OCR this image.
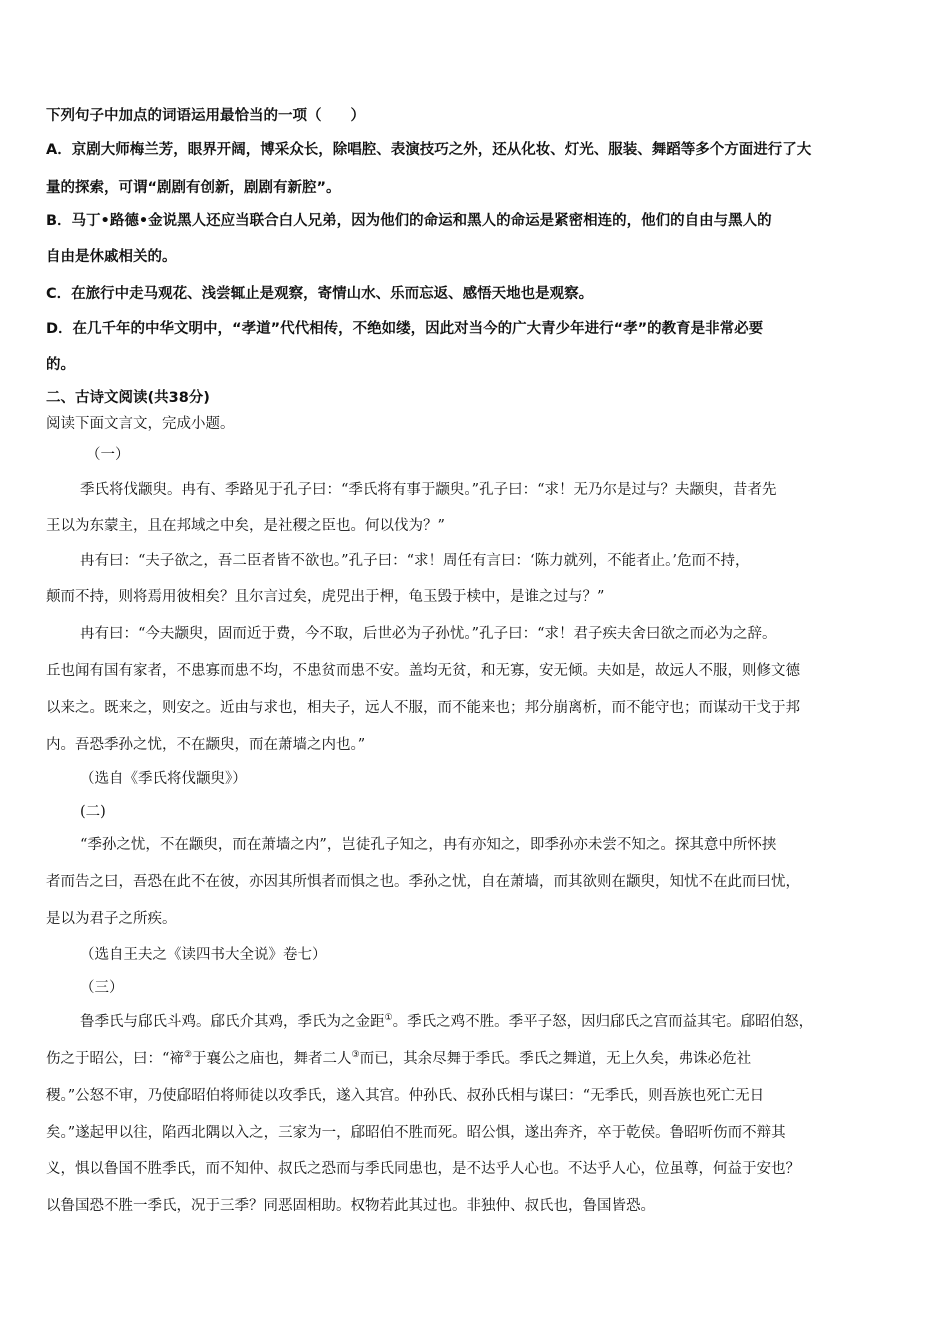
下列句子中加点的词语运用最恰当的一项（　　）
A．京剧大师梅兰芳，眼界开阔，博采众长，除唱腔、表演技巧之外，还从化妆、灯光、服装、舞蹈等多个方面进行了大
量的探索，可谓“剧剧有创新，剧剧有新腔”。
B．马丁•路德•金说黑人还应当联合白人兄弟，因为他们的命运和黑人的命运是紧密相连的，他们的自由与黑人的
自由是休戚相关的。
C．在旅行中走马观花、浅尝辄止是观察，寄情山水、乐而忘返、感悟天地也是观察。
D．在几千年的中华文明中，“孝道”代代相传，不绝如缕，因此对当今的广大青少年进行“孝”的教育是非常必要
的。
二、古诗文阅读(共38分)
阅读下面文言文，完成小题。
（一）
季氏将伐颛臾。冉有、季路见于孔子曰：“季氏将有事于颛臾。”孔子曰：“求！无乃尔是过与？夫颛臾，昔者先
王以为东蒙主，且在邦域之中矣，是社稷之臣也。何以伐为？”
冉有曰：“夫子欲之，吾二臣者皆不欲也。”孔子曰：“求！周任有言曰：‘陈力就列，不能者止。’危而不持，
颠而不持，则将焉用彼相矣？且尔言过矣，虎兕出于柙，龟玉毁于椟中，是谁之过与？”
冉有曰：“今夫颛臾，固而近于费，今不取，后世必为子孙忧。”孔子曰：“求！君子疾夫舍曰欲之而必为之辞。
丘也闻有国有家者，不患寡而患不均，不患贫而患不安。盖均无贫，和无寡，安无倾。夫如是，故远人不服，则修文德
以来之。既来之，则安之。近由与求也，相夫子，远人不服，而不能来也；邦分崩离析，而不能守也；而谋动干戈于邦
内。吾恐季孙之忧，不在颛臾，而在萧墙之内也。”
（选自《季氏将伐颛臾》）
(二)
“季孙之忧，不在颛臾，而在萧墙之内”，岂徒孔子知之，冉有亦知之，即季孙亦未尝不知之。探其意中所怀挟
者而告之曰，吾恐在此不在彼，亦因其所惧者而惧之也。季孙之忧，自在萧墙，而其欲则在颛臾，知忧不在此而曰忧，
是以为君子之所疾。
（选自王夫之《读四书大全说》卷七）
（三）
鲁季氏与郈氏斗鸡。郈氏介其鸡，季氏为之金距①。季氏之鸡不胜。季平子怒，因归郈氏之宫而益其宅。郈昭伯怒，
伤之于昭公，曰：“禘②于襄公之庙也，舞者二人③而已，其余尽舞于季氏。季氏之舞道，无上久矣，弗诛必危社
稷。”公怒不审，乃使郈昭伯将师徒以攻季氏，遂入其宫。仲孙氏、叔孙氏相与谋曰：“无季氏，则吾族也死亡无日
矣。”遂起甲以往，陷西北隅以入之，三家为一，郈昭伯不胜而死。昭公惧，遂出奔齐，卒于乾侯。鲁昭听伤而不辩其
义，惧以鲁国不胜季氏，而不知仲、叔氏之恐而与季氏同患也，是不达乎人心也。不达乎人心，位虽尊，何益于安也？
以鲁国恐不胜一季氏，况于三季？同恶固相助。权物若此其过也。非独仲、叔氏也，鲁国皆恐。
